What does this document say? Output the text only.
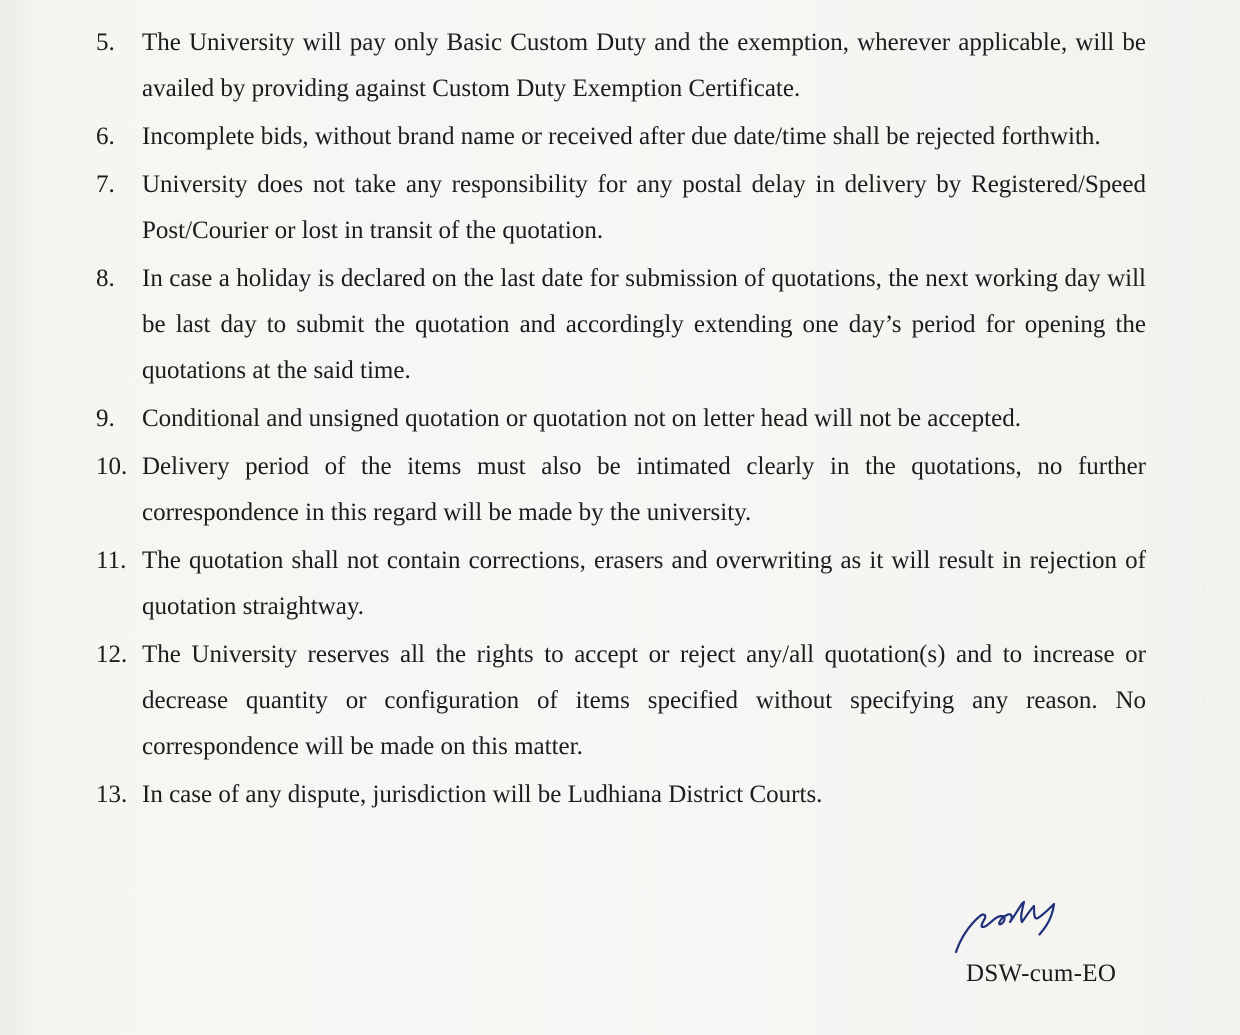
5.	The University will pay only Basic Custom Duty and the exemption, wherever applicable, will be availed by providing against Custom Duty Exemption Certificate.
6.	Incomplete bids, without brand name or received after due date/time shall be rejected forthwith.
7.	University does not take any responsibility for any postal delay in delivery by Registered/Speed Post/Courier or lost in transit of the quotation.
8.	In case a holiday is declared on the last date for submission of quotations, the next working day will be last day to submit the quotation and accordingly extending one day’s period for opening the quotations at the said time.
9.	Conditional and unsigned quotation or quotation not on letter head will not be accepted.
10. Delivery period of the items must also be intimated clearly in the quotations, no further correspondence in this regard will be made by the university.
11. The quotation shall not contain corrections, erasers and overwriting as it will result in rejection of quotation straightway.
12. The University reserves all the rights to accept or reject any/all quotation(s) and to increase or decrease quantity or configuration of items specified without specifying any reason. No correspondence will be made on this matter.
13. In case of any dispute, jurisdiction will be Ludhiana District Courts.
DSW-cum-EO
·
·
